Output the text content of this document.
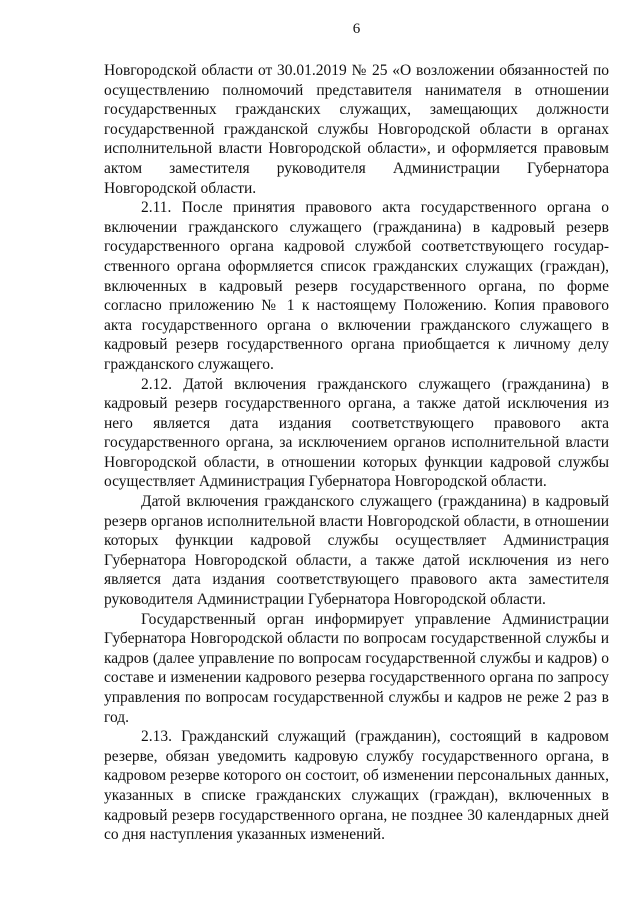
6

Новгородской области от 30.01.2019 № 25 «О возложении обязанностей по осуществлению полномочий представителя нанимателя в отношении государственных гражданских служащих, замещающих должности государственной гражданской службы Новгородской области в органах исполнительной власти Новгородской области», и оформляется правовым актом заместителя руководителя Администрации Губернатора Новгородской области.

2.11. После принятия правового акта государственного органа о включении гражданского служащего (гражданина) в кадровый резерв государственного органа кадровой службой соответствующего государственного органа оформляется список гражданских служащих (граждан), включенных в кадровый резерв государственного органа, по форме согласно приложению № 1 к настоящему Положению. Копия правового акта государственного органа о включении гражданского служащего в кадровый резерв государственного органа приобщается к личному делу гражданского служащего.

2.12. Датой включения гражданского служащего (гражданина) в кадровый резерв государственного органа, а также датой исключения из него является дата издания соответствующего правового акта государственного органа, за исключением органов исполнительной власти Новгородской области, в отношении которых функции кадровой службы осуществляет Администрация Губернатора Новгородской области.

Датой включения гражданского служащего (гражданина) в кадровый резерв органов исполнительной власти Новгородской области, в отношении которых функции кадровой службы осуществляет Администрация Губернатора Новгородской области, а также датой исключения из него является дата издания соответствующего правового акта заместителя руководителя Администрации Губернатора Новгородской области.

Государственный орган информирует управление Администрации Губернатора Новгородской области по вопросам государственной службы и кадров (далее управление по вопросам государственной службы и кадров) о составе и изменении кадрового резерва государственного органа по запросу управления по вопросам государственной службы и кадров не реже 2 раз в год.

2.13. Гражданский служащий (гражданин), состоящий в кадровом резерве, обязан уведомить кадровую службу государственного органа, в кадровом резерве которого он состоит, об изменении персональных данных, указанных в списке гражданских служащих (граждан), включенных в кадровый резерв государственного органа, не позднее 30 календарных дней со дня наступления указанных изменений.
